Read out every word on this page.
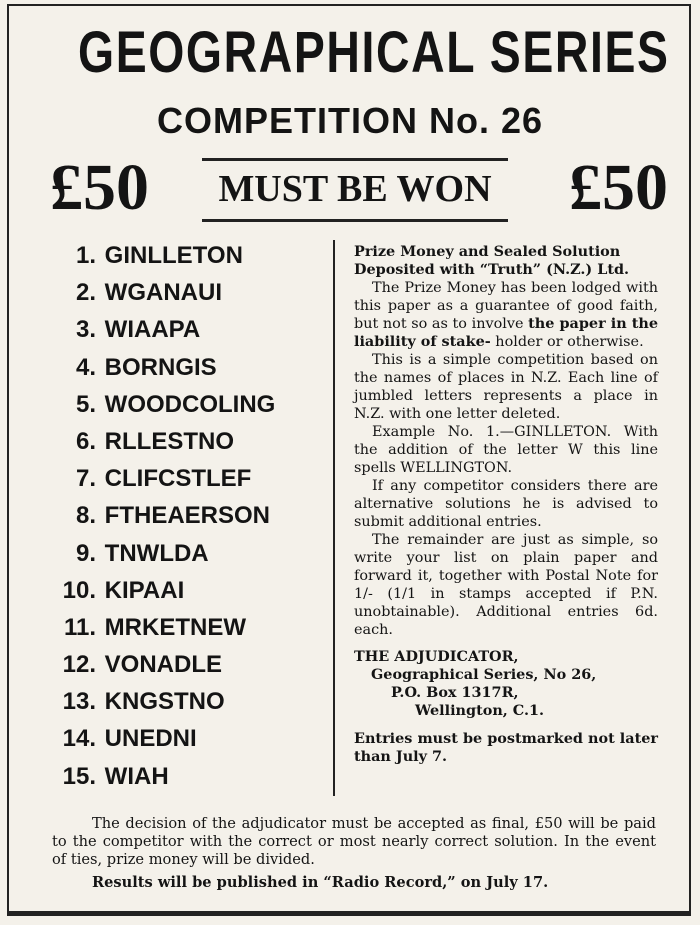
GEOGRAPHICAL SERIES
COMPETITION No. 26
£50	MUST BE WON £50
1. GINLLETON
2. WGANAUI
3. WIAAPA
4. BORNGIS
5. WOODCOLING
6. RLLESTNO
7. CLIFCSTLEF
8. FTHEAERSON
9. TNWLDA
10. KIPAAI
11. MRKETNEW
12. VONADLE
13. KNGSTNO
14. UNEDNI
15. WIAH

Prize Money and Sealed Solution Deposited with “Truth” (N.Z.) Ltd.

The Prize Money has been lodged with this paper as a guarantee of good faith, but not so as to involve the paper in the liability of stake- holder or otherwise.

This is a simple competition based on the names of places in N.Z. Each line of jumbled letters represents a place in N.Z. with one letter deleted.

Example No. 1.—GINLLETON. With the addition of the letter W this line spells WELLINGTON.

If any competitor considers there are alternative solutions he is advised to submit additional entries.

The remainder are just as simple, so write your list on plain paper and forward it, together with Postal Note for 1/- (1/1 in stamps accepted if P.N. unobtainable). Additional entries 6d. each.

THE ADJUDICATOR,

Geographical Series, No 26,

P.O. Box 1317R,

Wellington, C.1.

Entries must be postmarked not later than July 7.

The decision of the adjudicator must be accepted as final, £50 will be paid to the competitor with the correct or most nearly correct solution. In the event of ties, prize money will be divided.

Results will be published in “Radio Record,” on July 17.
